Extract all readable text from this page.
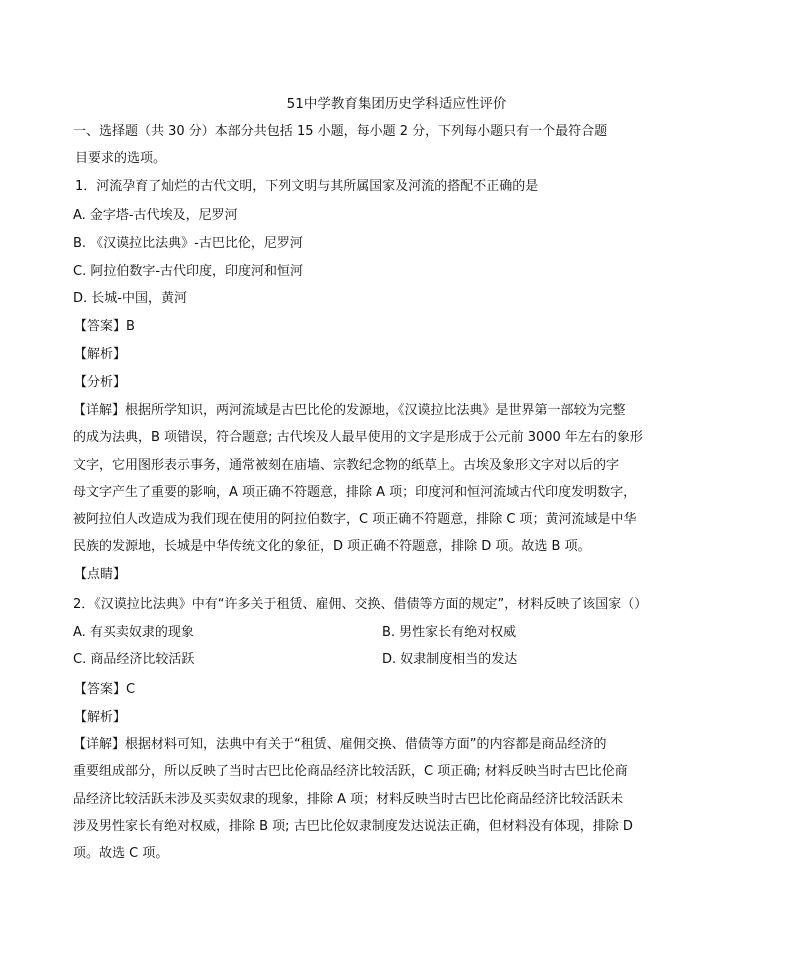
51中学教育集团历史学科适应性评价
一、选择题（共 30 分）本部分共包括 15 小题，每小题 2 分，下列每小题只有一个最符合题
目要求的选项。
1．河流孕育了灿烂的古代文明，下列文明与其所属国家及河流的搭配不正确的是
A. 金字塔-古代埃及，尼罗河
B. 《汉谟拉比法典》-古巴比伦，尼罗河
C. 阿拉伯数字-古代印度，印度河和恒河
D. 长城-中国，黄河
【答案】B
【解析】
【分析】
【详解】根据所学知识，两河流域是古巴比伦的发源地，《汉谟拉比法典》是世界第一部较为完整
的成为法典，B 项错误，符合题意; 古代埃及人最早使用的文字是形成于公元前 3000 年左右的象形
文字，它用图形表示事务，通常被刻在庙墙、宗教纪念物的纸草上。古埃及象形文字对以后的字
母文字产生了重要的影响，A 项正确不符题意，排除 A 项；印度河和恒河流域古代印度发明数字，
被阿拉伯人改造成为我们现在使用的阿拉伯数字，C 项正确不符题意，排除 C 项；黄河流域是中华
民族的发源地，长城是中华传统文化的象征，D 项正确不符题意，排除 D 项。故选 B 项。
【点睛】
2．《汉谟拉比法典》中有“许多关于租赁、雇佣、交换、借债等方面的规定”，材料反映了该国家（）
A. 有买卖奴隶的现象	B. 男性家长有绝对权威
C. 商品经济比较活跃	D. 奴隶制度相当的发达
【答案】C
【解析】
【详解】根据材料可知，法典中有关于“租赁、雇佣交换、借债等方面”的内容都是商品经济的
重要组成部分，所以反映了当时古巴比伦商品经济比较活跃，C 项正确; 材料反映当时古巴比伦商
品经济比较活跃未涉及买卖奴隶的现象，排除 A 项；材料反映当时古巴比伦商品经济比较活跃未
涉及男性家长有绝对权威，排除 B 项; 古巴比伦奴隶制度发达说法正确，但材料没有体现，排除 D
项。故选 C 项。
